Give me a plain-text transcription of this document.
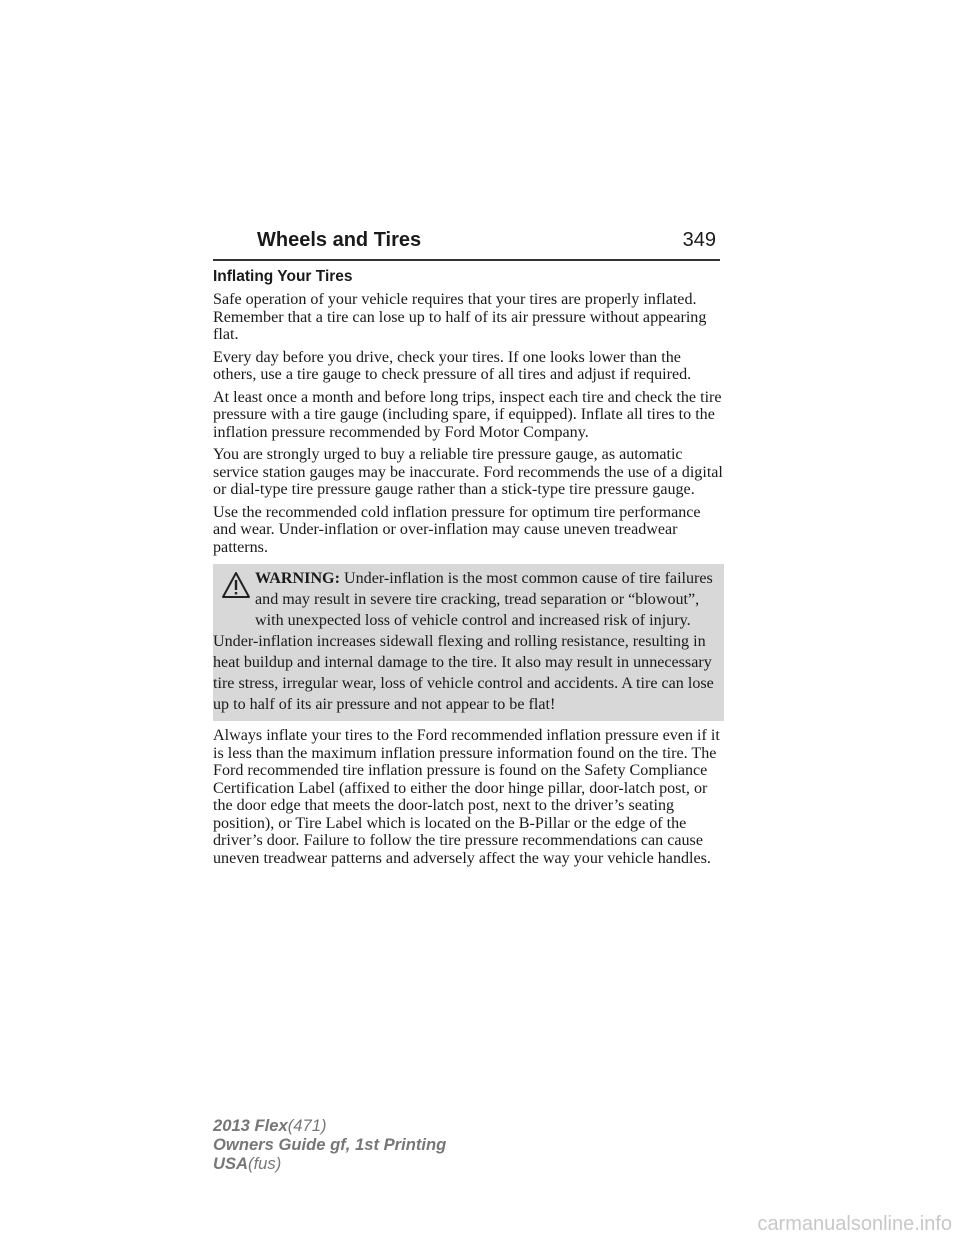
Wheels and Tires	349
Inflating Your Tires

Safe operation of your vehicle requires that your tires are properly inflated. Remember that a tire can lose up to half of its air pressure without appearing flat.

Every day before you drive, check your tires. If one looks lower than the others, use a tire gauge to check pressure of all tires and adjust if required.

At least once a month and before long trips, inspect each tire and check the tire pressure with a tire gauge (including spare, if equipped). Inflate all tires to the inflation pressure recommended by Ford Motor Company.

You are strongly urged to buy a reliable tire pressure gauge, as automatic service station gauges may be inaccurate. Ford recommends the use of a digital or dial-type tire pressure gauge rather than a stick-type tire pressure gauge.

Use the recommended cold inflation pressure for optimum tire performance and wear. Under-inflation or over-inflation may cause uneven treadwear patterns.

WARNING: Under-inflation is the most common cause of tire failures and may result in severe tire cracking, tread separation or “blowout”, with unexpected loss of vehicle control and increased risk of injury. Under-inflation increases sidewall flexing and rolling resistance, resulting in heat buildup and internal damage to the tire. It also may result in unnecessary tire stress, irregular wear, loss of vehicle control and accidents. A tire can lose up to half of its air pressure and not appear to be flat!

Always inflate your tires to the Ford recommended inflation pressure even if it is less than the maximum inflation pressure information found on the tire. The Ford recommended tire inflation pressure is found on the Safety Compliance Certification Label (affixed to either the door hinge pillar, door-latch post, or the door edge that meets the door-latch post, next to the driver’s seating position), or Tire Label which is located on the B-Pillar or the edge of the driver’s door. Failure to follow the tire pressure recommendations can cause uneven treadwear patterns and adversely affect the way your vehicle handles.

2013 Flex(471)
Owners Guide gf, 1st Printing
USA(fus)
carmanualsonline.info
